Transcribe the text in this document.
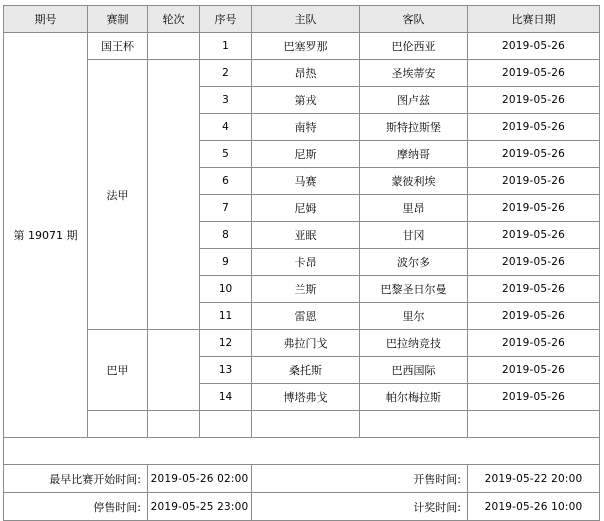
期号	赛制	轮次	序号	主队	客队	比赛日期
第 19071 期	国王杯		1	巴塞罗那	巴伦西亚	2019-05-26
	法甲		2	昂热	圣埃蒂安	2019-05-26
			3	第戎	图卢兹	2019-05-26
			4	南特	斯特拉斯堡	2019-05-26
			5	尼斯	摩纳哥	2019-05-26
			6	马赛	蒙彼利埃	2019-05-26
			7	尼姆	里昂	2019-05-26
			8	亚眠	甘冈	2019-05-26
			9	卡昂	波尔多	2019-05-26
			10	兰斯	巴黎圣日尔曼	2019-05-26
			11	雷恩	里尔	2019-05-26
	巴甲		12	弗拉门戈	巴拉纳竞技	2019-05-26
			13	桑托斯	巴西国际	2019-05-26
			14	博塔弗戈	帕尔梅拉斯	2019-05-26

最早比赛开始时间:		2019-05-26 02:00		开售时间:		2019-05-22 20:00
停售时间:		2019-05-25 23:00		计奖时间:		2019-05-26 10:00
